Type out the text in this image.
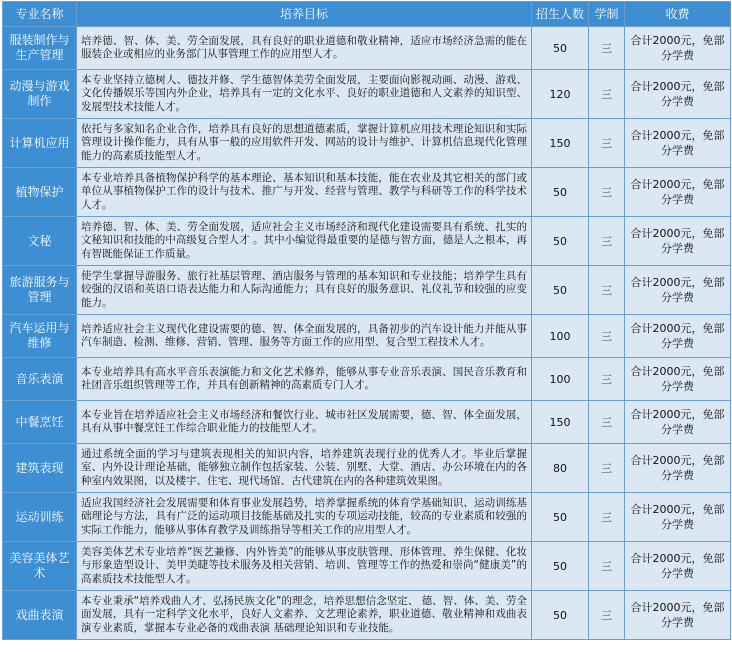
专业名称	培养目标	招生人数	学制	收费
服装制作与生产管理	培养德、智、体、美、劳全面发展，具有良好的职业道德和敬业精神，适应市场经济急需的能在服装企业或相应的业务部门从事管理工作的应用型人才。	50	三	合计2000元，免部分学费
动漫与游戏制作	本专业坚持立德树人、德技并修、学生德智体美劳全面发展，主要面向影视动画、动漫、游戏、文化传播娱乐等国内外企业，培养具有一定的文化水平、良好的职业道德和人文素养的知识型、发展型技术技能人才。	120	三	合计2000元，免部分学费
计算机应用	依托与多家知名企业合作，培养具有良好的思想道德素质，掌握计算机应用技术理论知识和实际管理设计操作能力，具有从事一般的应用软件开发、网站的设计与维护、计算机信息现代化管理能力的高素质技能型人才。	150	三	合计2000元，免部分学费
植物保护	本专业培养具备植物保护科学的基本理论、基本知识和基本技能，能在农业及其它相关的部门或单位从事植物保护工作的设计与技术、推广与开发、经营与管理、教学与科研等工作的科学技术人才。	50	三	合计2000元，免部分学费
文秘	培养德、智、体、美、劳全面发展，适应社会主义市场经济和现代化建设需要具有系统、扎实的文秘知识和技能的中高级复合型人才 。其中小编觉得最重要的是德与智方面，德是人之根本，再有智既能保证工作质量。	50	三	合计2000元，免部分学费
旅游服务与管理	使学生掌握导游服务、旅行社基层管理、酒店服务与管理的基本知识和专业技能；培养学生具有较强的汉语和英语口语表达能力和人际沟通能力；具有良好的服务意识、礼仪礼节和较强的应变能力。	50	三	合计2000元，免部分学费
汽车运用与维修	培养适应社会主义现代化建设需要的德、智、体全面发展的，具备初步的汽车设计能力并能从事汽车制造、检测、维修、营销、管理、服务等方面工作的应用型、复合型工程技术人才。	100	三	合计2000元，免部分学费
音乐表演	本专业培养具有高水平音乐表演能力和文化艺术修养，能够从事专业音乐表演、国民音乐教育和社团音乐组织管理等工作，并具有创新精神的高素质专门人才。	100	三	合计2000元，免部分学费
中餐烹饪	本专业旨在培养适应社会主义市场经济和餐饮行业、城市社区发展需要，德、智、体全面发展，具有从事中餐烹饪工作综合职业能力的技能型人才。	150	三	合计2000元，免部分学费
建筑表现	通过系统全面的学习与建筑表现相关的知识内容，培养建筑表现行业的优秀人才。毕业后掌握室、内外设计理论基础，能够独立制作包括家装、公装、别墅、大堂、酒店、办公环境在内的各种室内效果图，以及楼宇、住宅、现代场馆、古代建筑在内的各种建筑效果图。	80	三	合计2000元，免部分学费
运动训练	适应我国经济社会发展需要和体育事业发展趋势，培养掌握系统的体育学基础知识、运动训练基础理论与方法，具有广泛的运动项目技能基础及扎实的专项运动技能，较高的专业素质和较强的实际工作能力，能够从事体育教学及训练指导等相关工作的应用型人才。	50	三	合计2000元，免部分学费
美容美体艺术	美容美体艺术专业培养“医艺兼修、内外皆美”的能够从事皮肤管理、形体管理、养生保健、化妆与形象造型设计、美甲美睫等技术服务及相关营销、培训、管理等工作的热爱和崇尚“健康美”的高素质技术技能型人才。	50	三	合计2000元，免部分学费
戏曲表演	本专业秉承“培养戏曲人才、弘扬民族文化”的理念，培养思想信念坚定、 德、智、体、美、劳全面发展，具有一定科学文化水平，良好人文素养、文艺理论素养，职业道德、敬业精神和戏曲表演专业素质，掌握本专业必备的戏曲表演 基础理论知识和专业技能。	50	三	合计2000元，免部分学费
